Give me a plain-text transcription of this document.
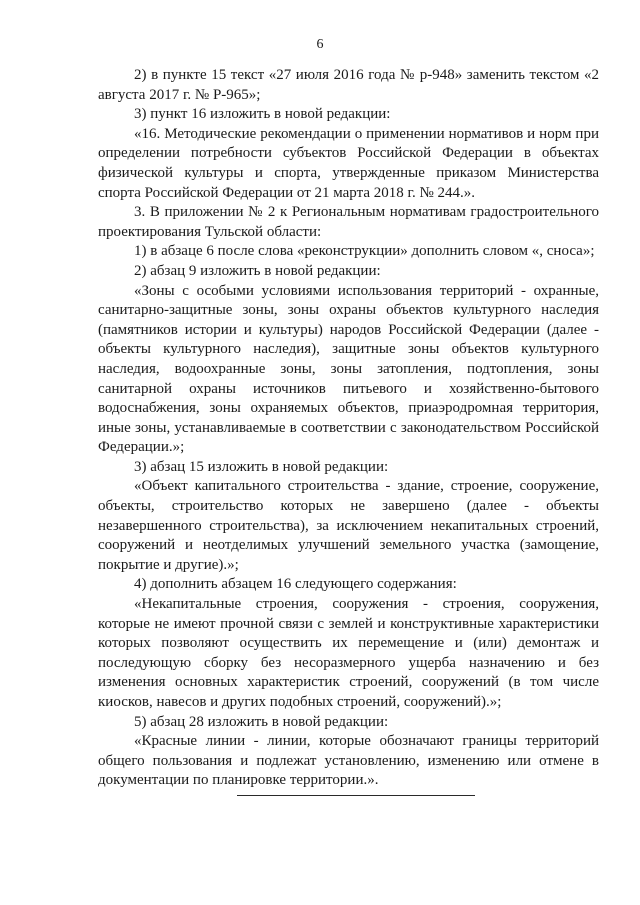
6

2) в пункте 15 текст «27 июля 2016 года № р-948» заменить текстом «2 августа 2017 г. № Р-965»;

3) пункт 16 изложить в новой редакции:

«16. Методические рекомендации о применении нормативов и норм при определении потребности субъектов Российской Федерации в объектах физической культуры и спорта, утвержденные приказом Министерства спорта Российской Федерации от 21 марта 2018 г. № 244.».

3. В приложении № 2 к Региональным нормативам градостроительного проектирования Тульской области:

1) в абзаце 6 после слова «реконструкции» дополнить словом «, сноса»;

2) абзац 9 изложить в новой редакции:

«Зоны с особыми условиями использования территорий - охранные, санитарно-защитные зоны, зоны охраны объектов культурного наследия (памятников истории и культуры) народов Российской Федерации (далее - объекты культурного наследия), защитные зоны объектов культурного наследия, водоохранные зоны, зоны затопления, подтопления, зоны санитарной охраны источников питьевого и хозяйственно-бытового водоснабжения, зоны охраняемых объектов, приаэродромная территория, иные зоны, устанавливаемые в соответствии с законодательством Российской Федерации.»;

3) абзац 15 изложить в новой редакции:

«Объект капитального строительства - здание, строение, сооружение, объекты, строительство которых не завершено (далее - объекты незавершенного строительства), за исключением некапитальных строений, сооружений и неотделимых улучшений земельного участка (замощение, покрытие и другие).»;

4) дополнить абзацем 16 следующего содержания:

«Некапитальные строения, сооружения - строения, сооружения, которые не имеют прочной связи с землей и конструктивные характеристики которых позволяют осуществить их перемещение и (или) демонтаж и последующую сборку без несоразмерного ущерба назначению и без изменения основных характеристик строений, сооружений (в том числе киосков, навесов и других подобных строений, сооружений).»;

5) абзац 28 изложить в новой редакции:

«Красные линии - линии, которые обозначают границы территорий общего пользования и подлежат установлению, изменению или отмене в документации по планировке территории.».
